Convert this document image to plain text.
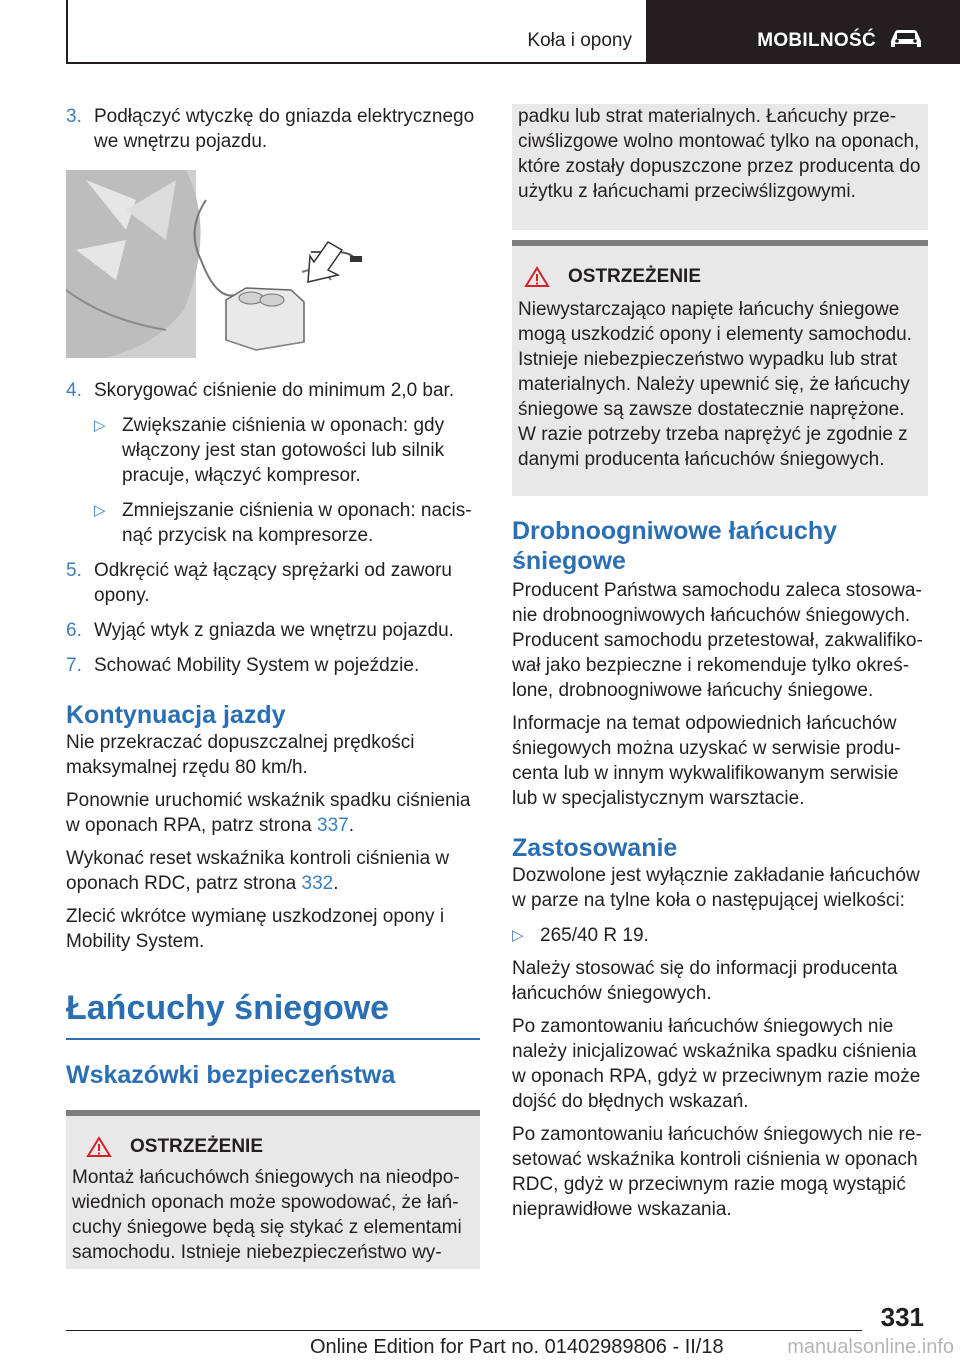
Koła i opony	MOBILNOŚĆ
3. Podłączyć wtyczkę do gniazda elektrycznego we wnętrzu pojazdu.
4. Skorygować ciśnienie do minimum 2,0 bar.
▷ Zwiększanie ciśnienia w oponach: gdy włączony jest stan gotowości lub silnik pracuje, włączyć kompresor.
▷ Zmniejszanie ciśnienia w oponach: nacisnąć przycisk na kompresorze.
5. Odkręcić wąż łączący sprężarki od zaworu opony.
6. Wyjąć wtyk z gniazda we wnętrzu pojazdu.
7. Schować Mobility System w pojeździe.
Kontynuacja jazdy

Nie przekraczać dopuszczalnej prędkości maksymalnej rzędu 80 km/h.

Ponownie uruchomić wskaźnik spadku ciśnienia w oponach RPA, patrz strona 337.

Wykonać reset wskaźnika kontroli ciśnienia w oponach RDC, patrz strona 332.

Zlecić wkrótce wymianę uszkodzonej opony i Mobility System.

Łańcuchy śniegowe
Wskazówki bezpieczeństwa
OSTRZEŻENIE

Montaż łańcuchówch śniegowych na nieodpowiednich oponach może spowodować, że łańcuchy śniegowe będą się stykać z elementami samochodu. Istnieje niebezpieczeństwo wy-

padku lub strat materialnych. Łańcuchy przeciwślizgowe wolno montować tylko na oponach, które zostały dopuszczone przez producenta do użytku z łańcuchami przeciwślizgowymi.

OSTRZEŻENIE

Niewystarczająco napięte łańcuchy śniegowe mogą uszkodzić opony i elementy samochodu. Istnieje niebezpieczeństwo wypadku lub strat materialnych. Należy upewnić się, że łańcuchy śniegowe są zawsze dostatecznie naprężone. W razie potrzeby trzeba naprężyć je zgodnie z danymi producenta łańcuchów śniegowych.

Drobnoogniwowe łańcuchy śniegowe

Producent Państwa samochodu zaleca stosowanie drobnoogniwowych łańcuchów śniegowych. Producent samochodu przetestował, zakwalifikował jako bezpieczne i rekomenduje tylko określone, drobnoogniwowe łańcuchy śniegowe.

Informacje na temat odpowiednich łańcuchów śniegowych można uzyskać w serwisie producenta lub w innym wykwalifikowanym serwisie lub w specjalistycznym warsztacie.

Zastosowanie

Dozwolone jest wyłącznie zakładanie łańcuchów w parze na tylne koła o następującej wielkości:

▷ 265/40 R 19.

Należy stosować się do informacji producenta łańcuchów śniegowych.

Po zamontowaniu łańcuchów śniegowych nie należy inicjalizować wskaźnika spadku ciśnienia w oponach RPA, gdyż w przeciwnym razie może dojść do błędnych wskazań.

Po zamontowaniu łańcuchów śniegowych nie resetować wskaźnika kontroli ciśnienia w oponach RDC, gdyż w przeciwnym razie mogą wystąpić nieprawidłowe wskazania.

331
Online Edition for Part no. 01402989806 - II/18	manualsonline.info
